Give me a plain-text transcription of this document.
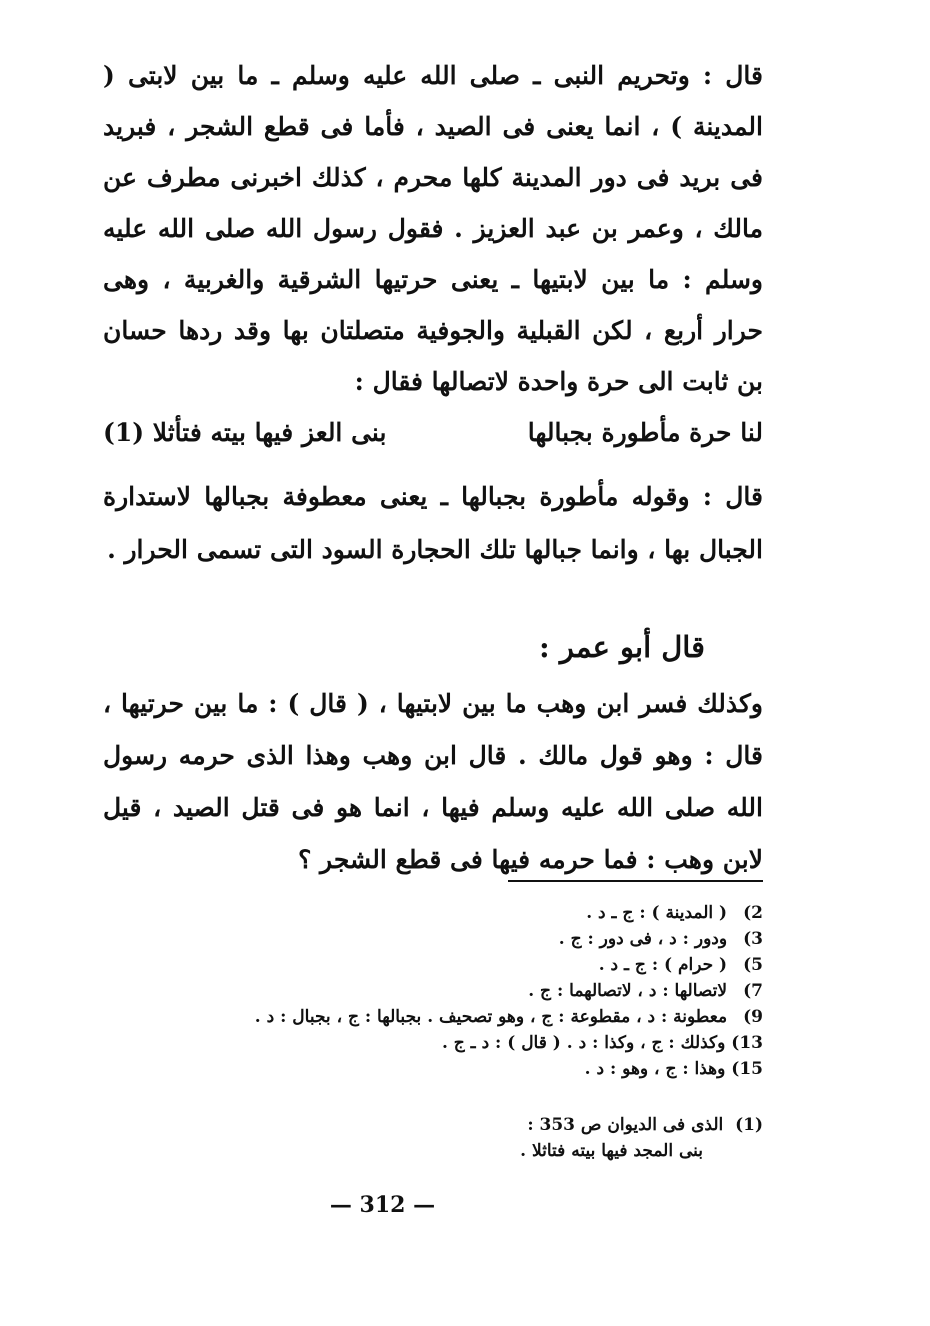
قال : وتحريم النبى ـ صلى الله عليه وسلم ـ ما بين لابتى ( المدينة ) ، انما يعنى فى الصيد ، فأما فى قطع الشجر ، فبريد فى بريد فى دور المدينة كلها محرم ، كذلك اخبرنى مطرف عن مالك ، وعمر بن عبد العزيز . فقول رسول الله صلى الله عليه وسلم : ما بين لابتيها ـ يعنى حرتيها الشرقية والغربية ، وهى حرار أربع ، لكن القبلية والجوفية متصلتان بها وقد ردها حسان بن ثابت الى حرة واحدة لاتصالها فقال :

لنا حرة مأطورة بجبالها
بنى العز فيها بيته فتأثلا (1)

قال : وقوله مأطورة بجبالها ـ يعنى معطوفة بجبالها لاستدارة الجبال بها ، وانما جبالها تلك الحجارة السود التى تسمى الحرار .

قال أبو عمر :

وكذلك فسر ابن وهب ما بين لابتيها ، ( قال ) : ما بين حرتيها ، قال : وهو قول مالك . قال ابن وهب وهذا الذى حرمه رسول الله صلى الله عليه وسلم فيها ، انما هو فى قتل الصيد ، قيل لابن وهب : فما حرمه فيها فى قطع الشجر ؟

2) ( المدينة ) : ج ـ د .
3) ودور : د ، فى دور : ج .
5) ( حرام ) : ج ـ د .
7) لاتصالها : د ، لاتصالهما : ج .
9) معطونة : د ، مقطوعة : ج ، وهو تصحيف . بجبالها : ج ، بجبال : د .
13) وكذلك : ج ، وكذا : د . ( قال ) : د ـ ج .
15) وهذا : ج ، وهو : د .
(1)  الذى فى الديوان ص 353 :
بنى المجد فيها بيته فتاثلا .
— 312 —
